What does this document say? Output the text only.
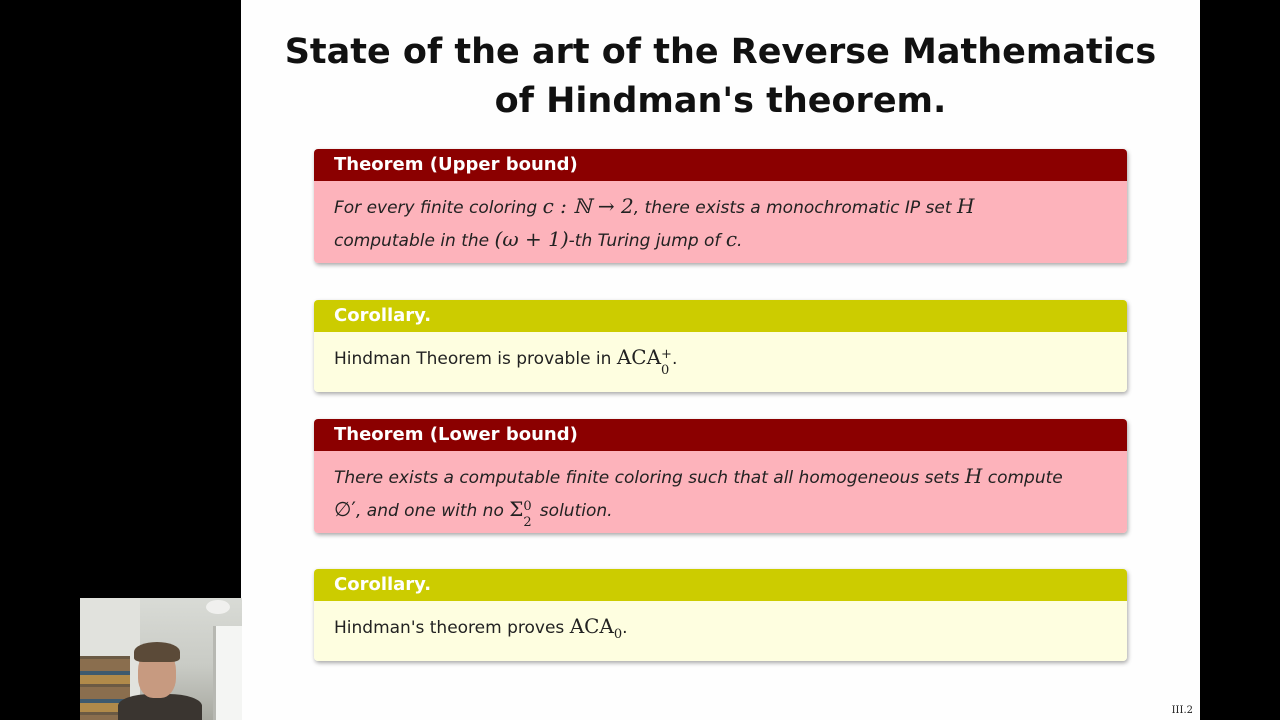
State of the art of the Reverse Mathematics
of Hindman's theorem.
Theorem (Upper bound)
For every finite coloring c : ℕ → 2, there exists a monochromatic IP set H
computable in the (ω + 1)-th Turing jump of c.
Corollary.
Hindman Theorem is provable in ACA +
0
.
Theorem (Lower bound)
There exists a computable finite coloring such that all homogeneous sets H compute
∅′, and one with no Σ 0
2
solution.
Corollary.
Hindman's theorem proves $ACA_0$.
III.2
